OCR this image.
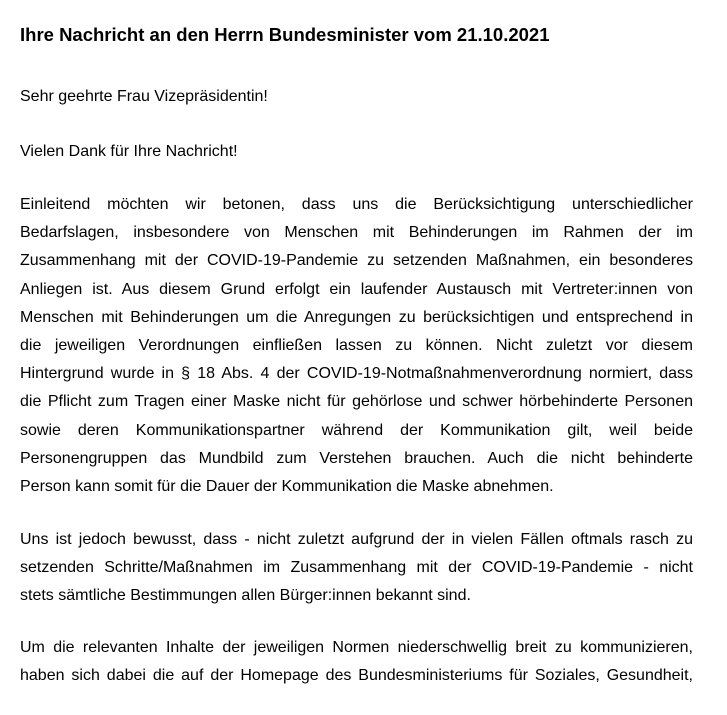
Ihre Nachricht an den Herrn Bundesminister vom 21.10.2021
Sehr geehrte Frau Vizepräsidentin!
Vielen Dank für Ihre Nachricht!
Einleitend möchten wir betonen, dass uns die Berücksichtigung unterschiedlicher
Bedarfslagen, insbesondere von Menschen mit Behinderungen im Rahmen der im
Zusammenhang mit der COVID-19-Pandemie zu setzenden Maßnahmen, ein besonderes
Anliegen ist. Aus diesem Grund erfolgt ein laufender Austausch mit Vertreter:innen von
Menschen mit Behinderungen um die Anregungen zu berücksichtigen und entsprechend in
die jeweiligen Verordnungen einfließen lassen zu können. Nicht zuletzt vor diesem
Hintergrund wurde in § 18 Abs. 4 der COVID-19-Notmaßnahmenverordnung normiert, dass
die Pflicht zum Tragen einer Maske nicht für gehörlose und schwer hörbehinderte Personen
sowie deren Kommunikationspartner während der Kommunikation gilt, weil beide
Personengruppen das Mundbild zum Verstehen brauchen. Auch die nicht behinderte
Person kann somit für die Dauer der Kommunikation die Maske abnehmen.
Uns ist jedoch bewusst, dass - nicht zuletzt aufgrund der in vielen Fällen oftmals rasch zu
setzenden Schritte/Maßnahmen im Zusammenhang mit der COVID-19-Pandemie - nicht
stets sämtliche Bestimmungen allen Bürger:innen bekannt sind.
Um die relevanten Inhalte der jeweiligen Normen niederschwellig breit zu kommunizieren,
haben sich dabei die auf der Homepage des Bundesministeriums für Soziales, Gesundheit,
